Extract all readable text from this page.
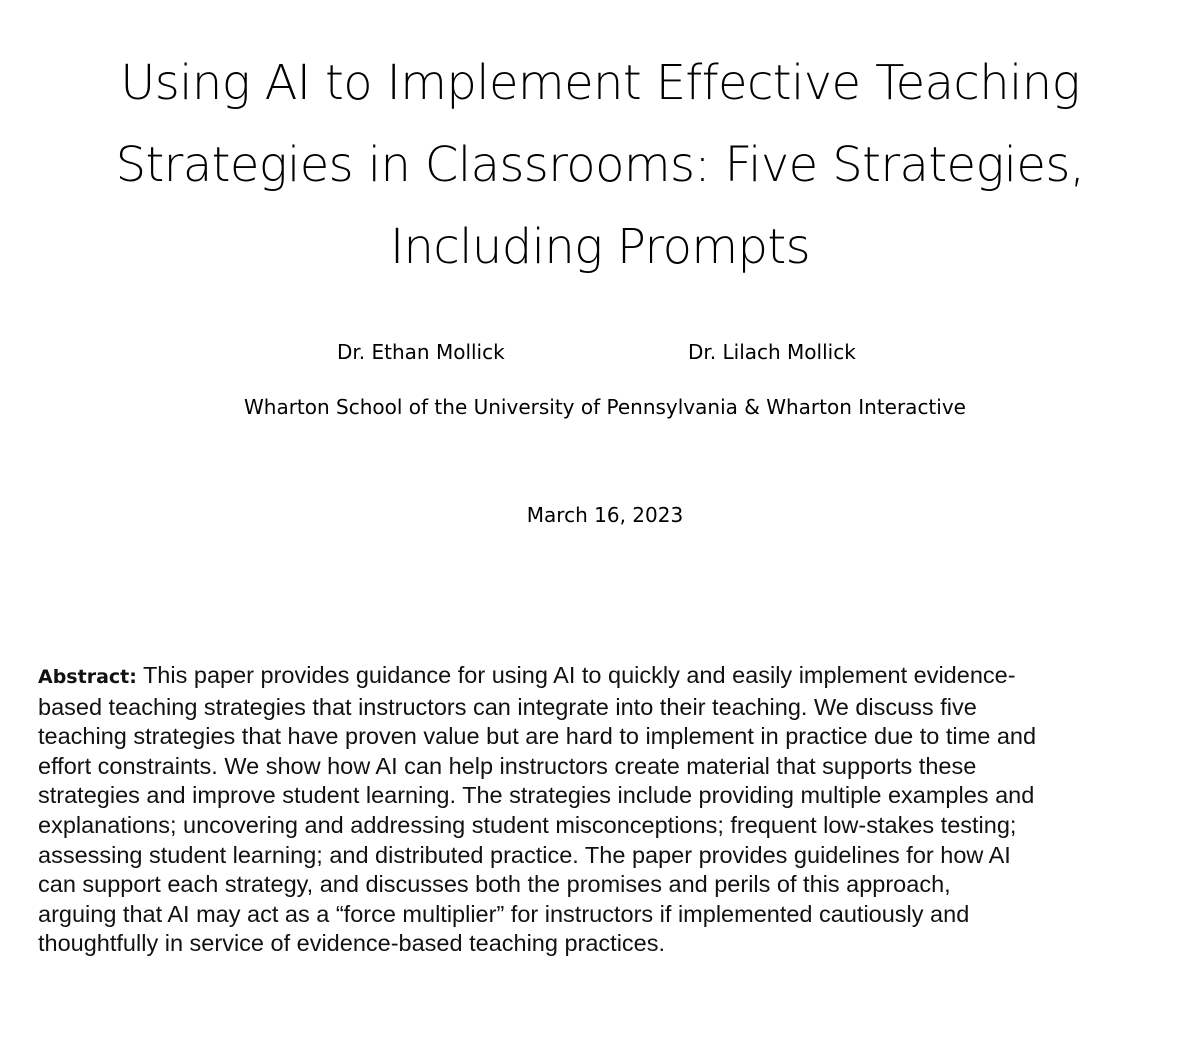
Using AI to Implement Effective Teaching
Strategies in Classrooms: Five Strategies,
Including Prompts
Dr. Ethan Mollick	Dr. Lilach Mollick
Wharton School of the University of Pennsylvania & Wharton Interactive
March 16, 2023

Abstract: This paper provides guidance for using AI to quickly and easily implement evidence-
based teaching strategies that instructors can integrate into their teaching. We discuss five
teaching strategies that have proven value but are hard to implement in practice due to time and
effort constraints. We show how AI can help instructors create material that supports these
strategies and improve student learning. The strategies include providing multiple examples and
explanations; uncovering and addressing student misconceptions; frequent low-stakes testing;
assessing student learning; and distributed practice. The paper provides guidelines for how AI
can support each strategy, and discusses both the promises and perils of this approach,
arguing that AI may act as a “force multiplier” for instructors if implemented cautiously and
thoughtfully in service of evidence-based teaching practices.
